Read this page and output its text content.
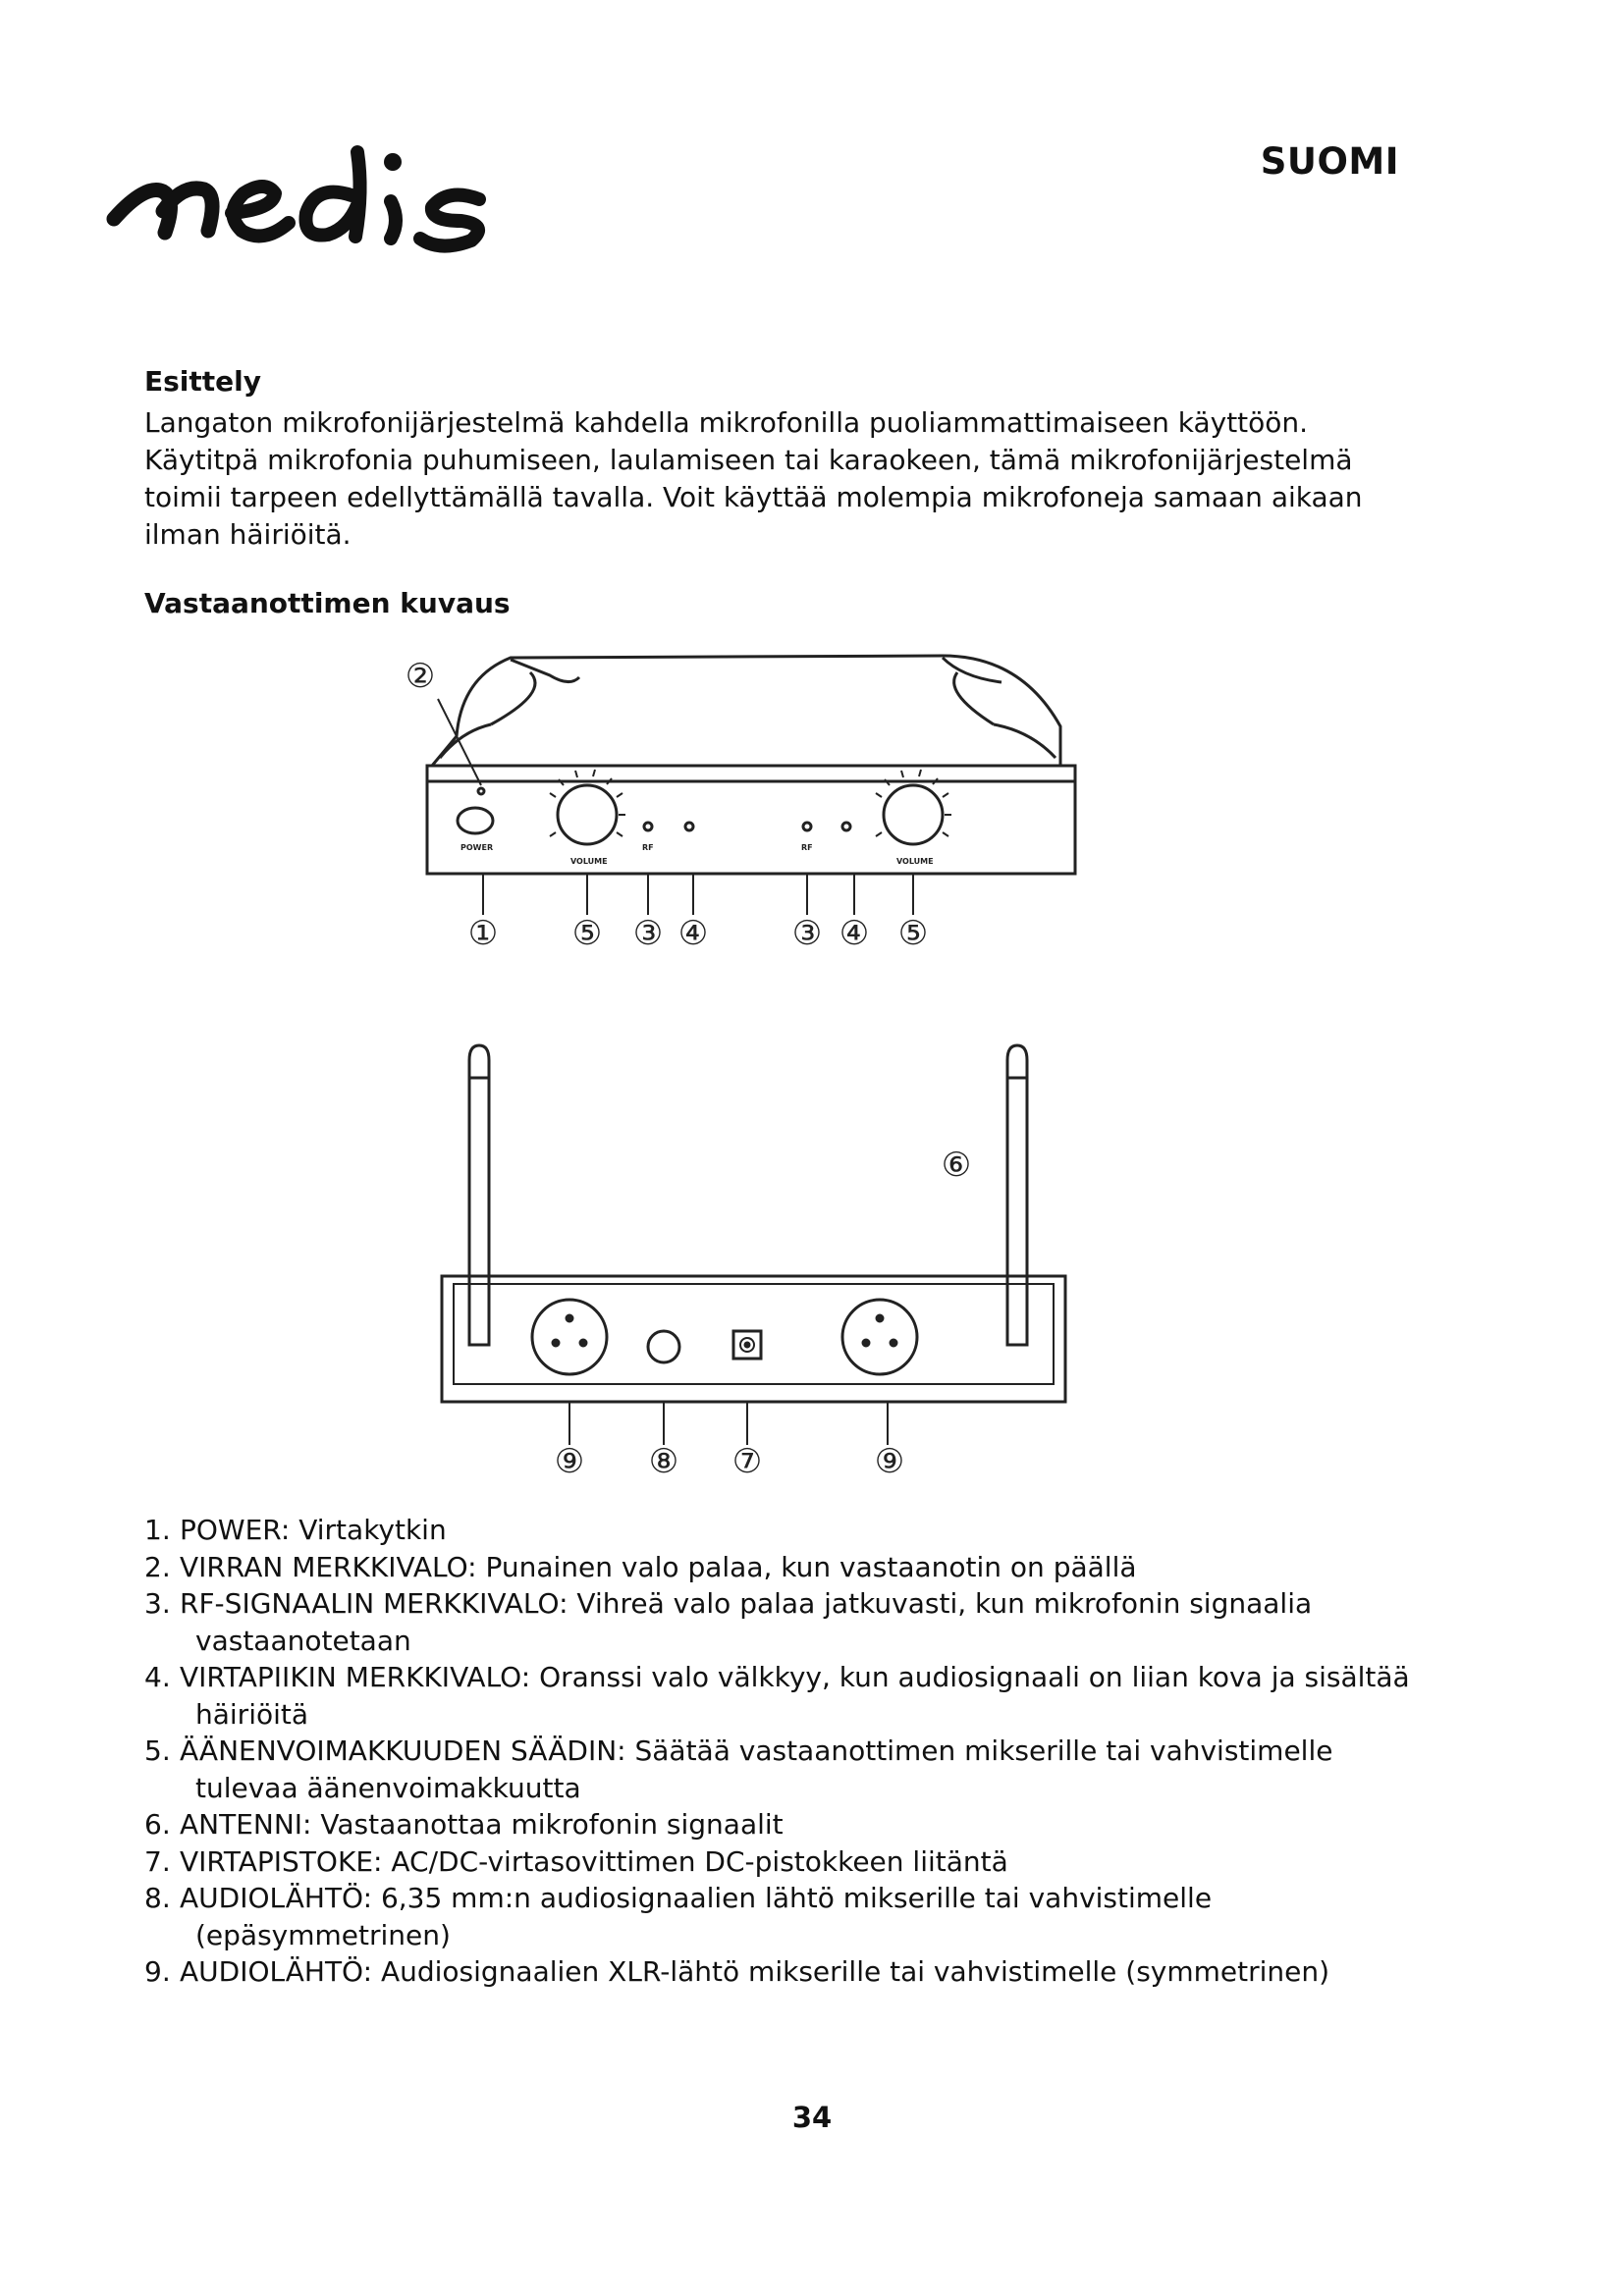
SUOMI
Esittely
Langaton mikrofonijärjestelmä kahdella mikrofonilla puoliammattimaiseen käyttöön.
Käytitpä mikrofonia puhumiseen, laulamiseen tai karaokeen, tämä mikrofonijärjestelmä
toimii tarpeen edellyttämällä tavalla. Voit käyttää molempia mikrofoneja samaan aikaan
ilman häiriöitä.
Vastaanottimen kuvaus
POWER
VOLUME
RF	RF
VOLUME
②
① ⑤ ③ ④	③ ④ ⑤
⑥
⑨ ⑧ ⑦	⑨
1. POWER: Virtakytkin
2. VIRRAN MERKKIVALO: Punainen valo palaa, kun vastaanotin on päällä
3. RF-SIGNAALIN MERKKIVALO: Vihreä valo palaa jatkuvasti, kun mikrofonin signaalia
vastaanotetaan
4. VIRTAPIIKIN MERKKIVALO: Oranssi valo välkkyy, kun audiosignaali on liian kova ja sisältää
häiriöitä
5. ÄÄNENVOIMAKKUUDEN SÄÄDIN: Säätää vastaanottimen mikserille tai vahvistimelle
tulevaa äänenvoimakkuutta
6. ANTENNI: Vastaanottaa mikrofonin signaalit
7. VIRTAPISTOKE: AC/DC-virtasovittimen DC-pistokkeen liitäntä
8. AUDIOLÄHTÖ: 6,35 mm:n audiosignaalien lähtö mikserille tai vahvistimelle
(epäsymmetrinen)
9. AUDIOLÄHTÖ: Audiosignaalien XLR-lähtö mikserille tai vahvistimelle (symmetrinen)
34
